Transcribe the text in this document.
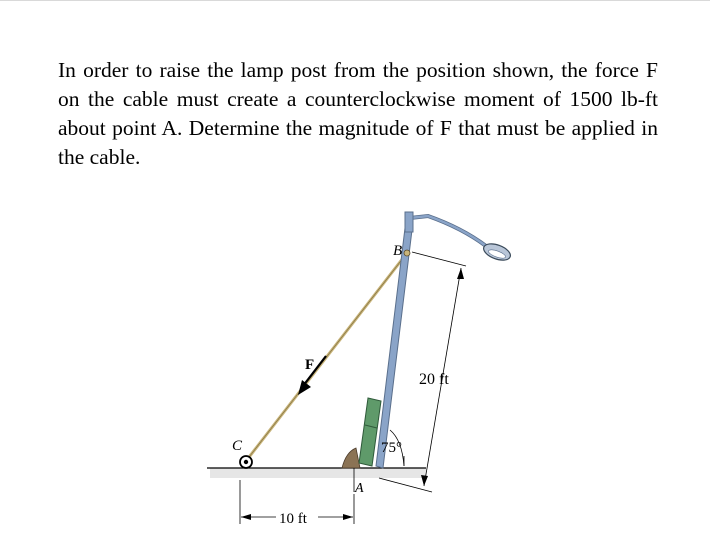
In order to raise the lamp post from the position shown, the force F on the cable must create a counterclockwise moment of 1500 lb-ft about point A. Determine the magnitude of F that must be applied in the cable.

B
C
A
F
20 ft
75°
10 ft
